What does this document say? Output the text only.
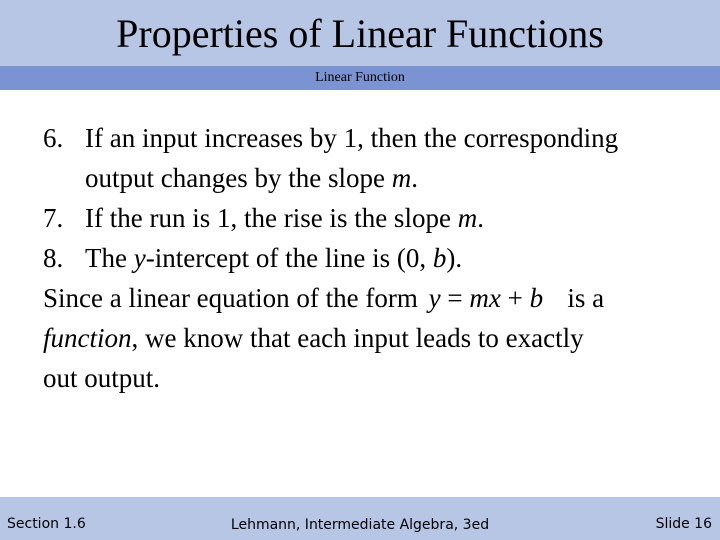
Properties of Linear Functions
Linear Function
6. If an input increases by 1, then the corresponding
output changes by the slope m.
7. If the run is 1, the rise is the slope m.
8. The y-intercept of the line is (0, b).
Since a linear equation of the form y = mx + b is a
function, we know that each input leads to exactly
out output.
Section 1.6	Lehmann, Intermediate Algebra, 3ed	Slide 16
